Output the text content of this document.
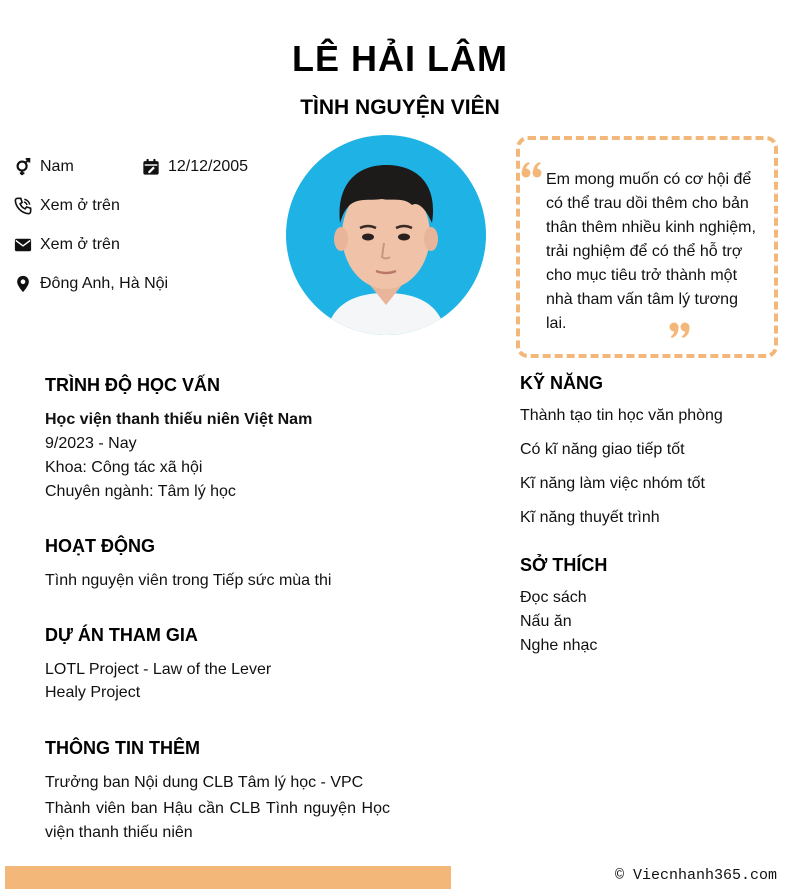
LÊ HẢI LÂM
TÌNH NGUYỆN VIÊN
Nam	12/12/2005
Xem ở trên
Xem ở trên
Đông Anh, Hà Nội
Em mong muốn có cơ hội để có thể trau dồi thêm cho bản thân thêm nhiều kinh nghiệm, trải nghiệm để có thể hỗ trợ cho mục tiêu trở thành một nhà tham vấn tâm lý tương lai.
TRÌNH ĐỘ HỌC VẤN
Học viện thanh thiếu niên Việt Nam
9/2023 - Nay
Khoa: Công tác xã hội
Chuyên ngành: Tâm lý học
HOẠT ĐỘNG
Tình nguyện viên trong Tiếp sức mùa thi
DỰ ÁN THAM GIA
LOTL Project - Law of the Lever
Healy Project
THÔNG TIN THÊM
Trưởng ban Nội dung CLB Tâm lý học - VPC
Thành viên ban Hậu cần CLB Tình nguyện Học viện thanh thiếu niên
KỸ NĂNG
Thành tạo tin học văn phòng
Có kĩ năng giao tiếp tốt
Kĩ năng làm việc nhóm tốt
Kĩ năng thuyết trình
SỞ THÍCH
Đọc sách
Nấu ăn
Nghe nhạc
© Viecnhanh365.com
